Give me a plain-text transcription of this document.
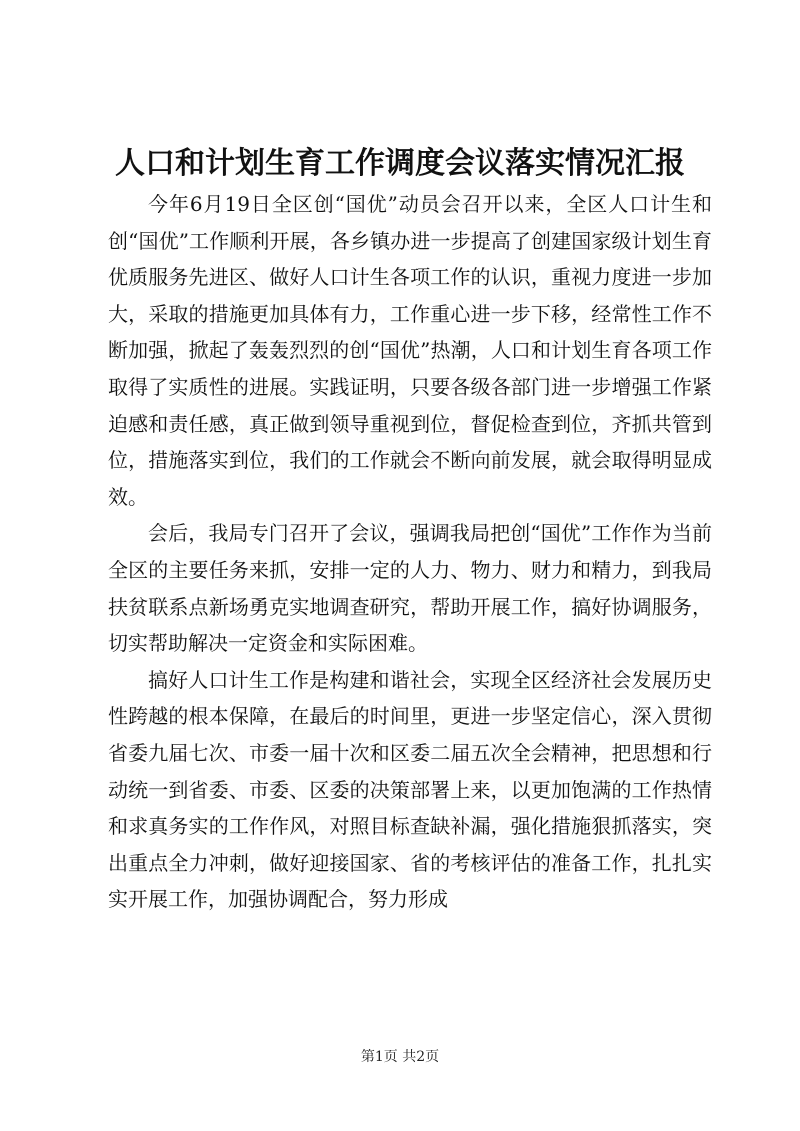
人口和计划生育工作调度会议落实情况汇报

今年6月19日全区创“国优”动员会召开以来，全区人口计生和创“国优”工作顺利开展，各乡镇办进一步提高了创建国家级计划生育优质服务先进区、做好人口计生各项工作的认识，重视力度进一步加大，采取的措施更加具体有力，工作重心进一步下移，经常性工作不断加强，掀起了轰轰烈烈的创“国优”热潮，人口和计划生育各项工作取得了实质性的进展。实践证明，只要各级各部门进一步增强工作紧迫感和责任感，真正做到领导重视到位，督促检查到位，齐抓共管到位，措施落实到位，我们的工作就会不断向前发展，就会取得明显成效。

会后，我局专门召开了会议，强调我局把创“国优”工作作为当前全区的主要任务来抓，安排一定的人力、物力、财力和精力，到我局扶贫联系点新场勇克实地调查研究，帮助开展工作，搞好协调服务，切实帮助解决一定资金和实际困难。

搞好人口计生工作是构建和谐社会，实现全区经济社会发展历史性跨越的根本保障，在最后的时间里，更进一步坚定信心，深入贯彻省委九届七次、市委一届十次和区委二届五次全会精神，把思想和行动统一到省委、市委、区委的决策部署上来，以更加饱满的工作热情和求真务实的工作作风，对照目标查缺补漏，强化措施狠抓落实，突出重点全力冲刺，做好迎接国家、省的考核评估的准备工作，扎扎实实开展工作，加强协调配合，努力形成

第1页 共2页
